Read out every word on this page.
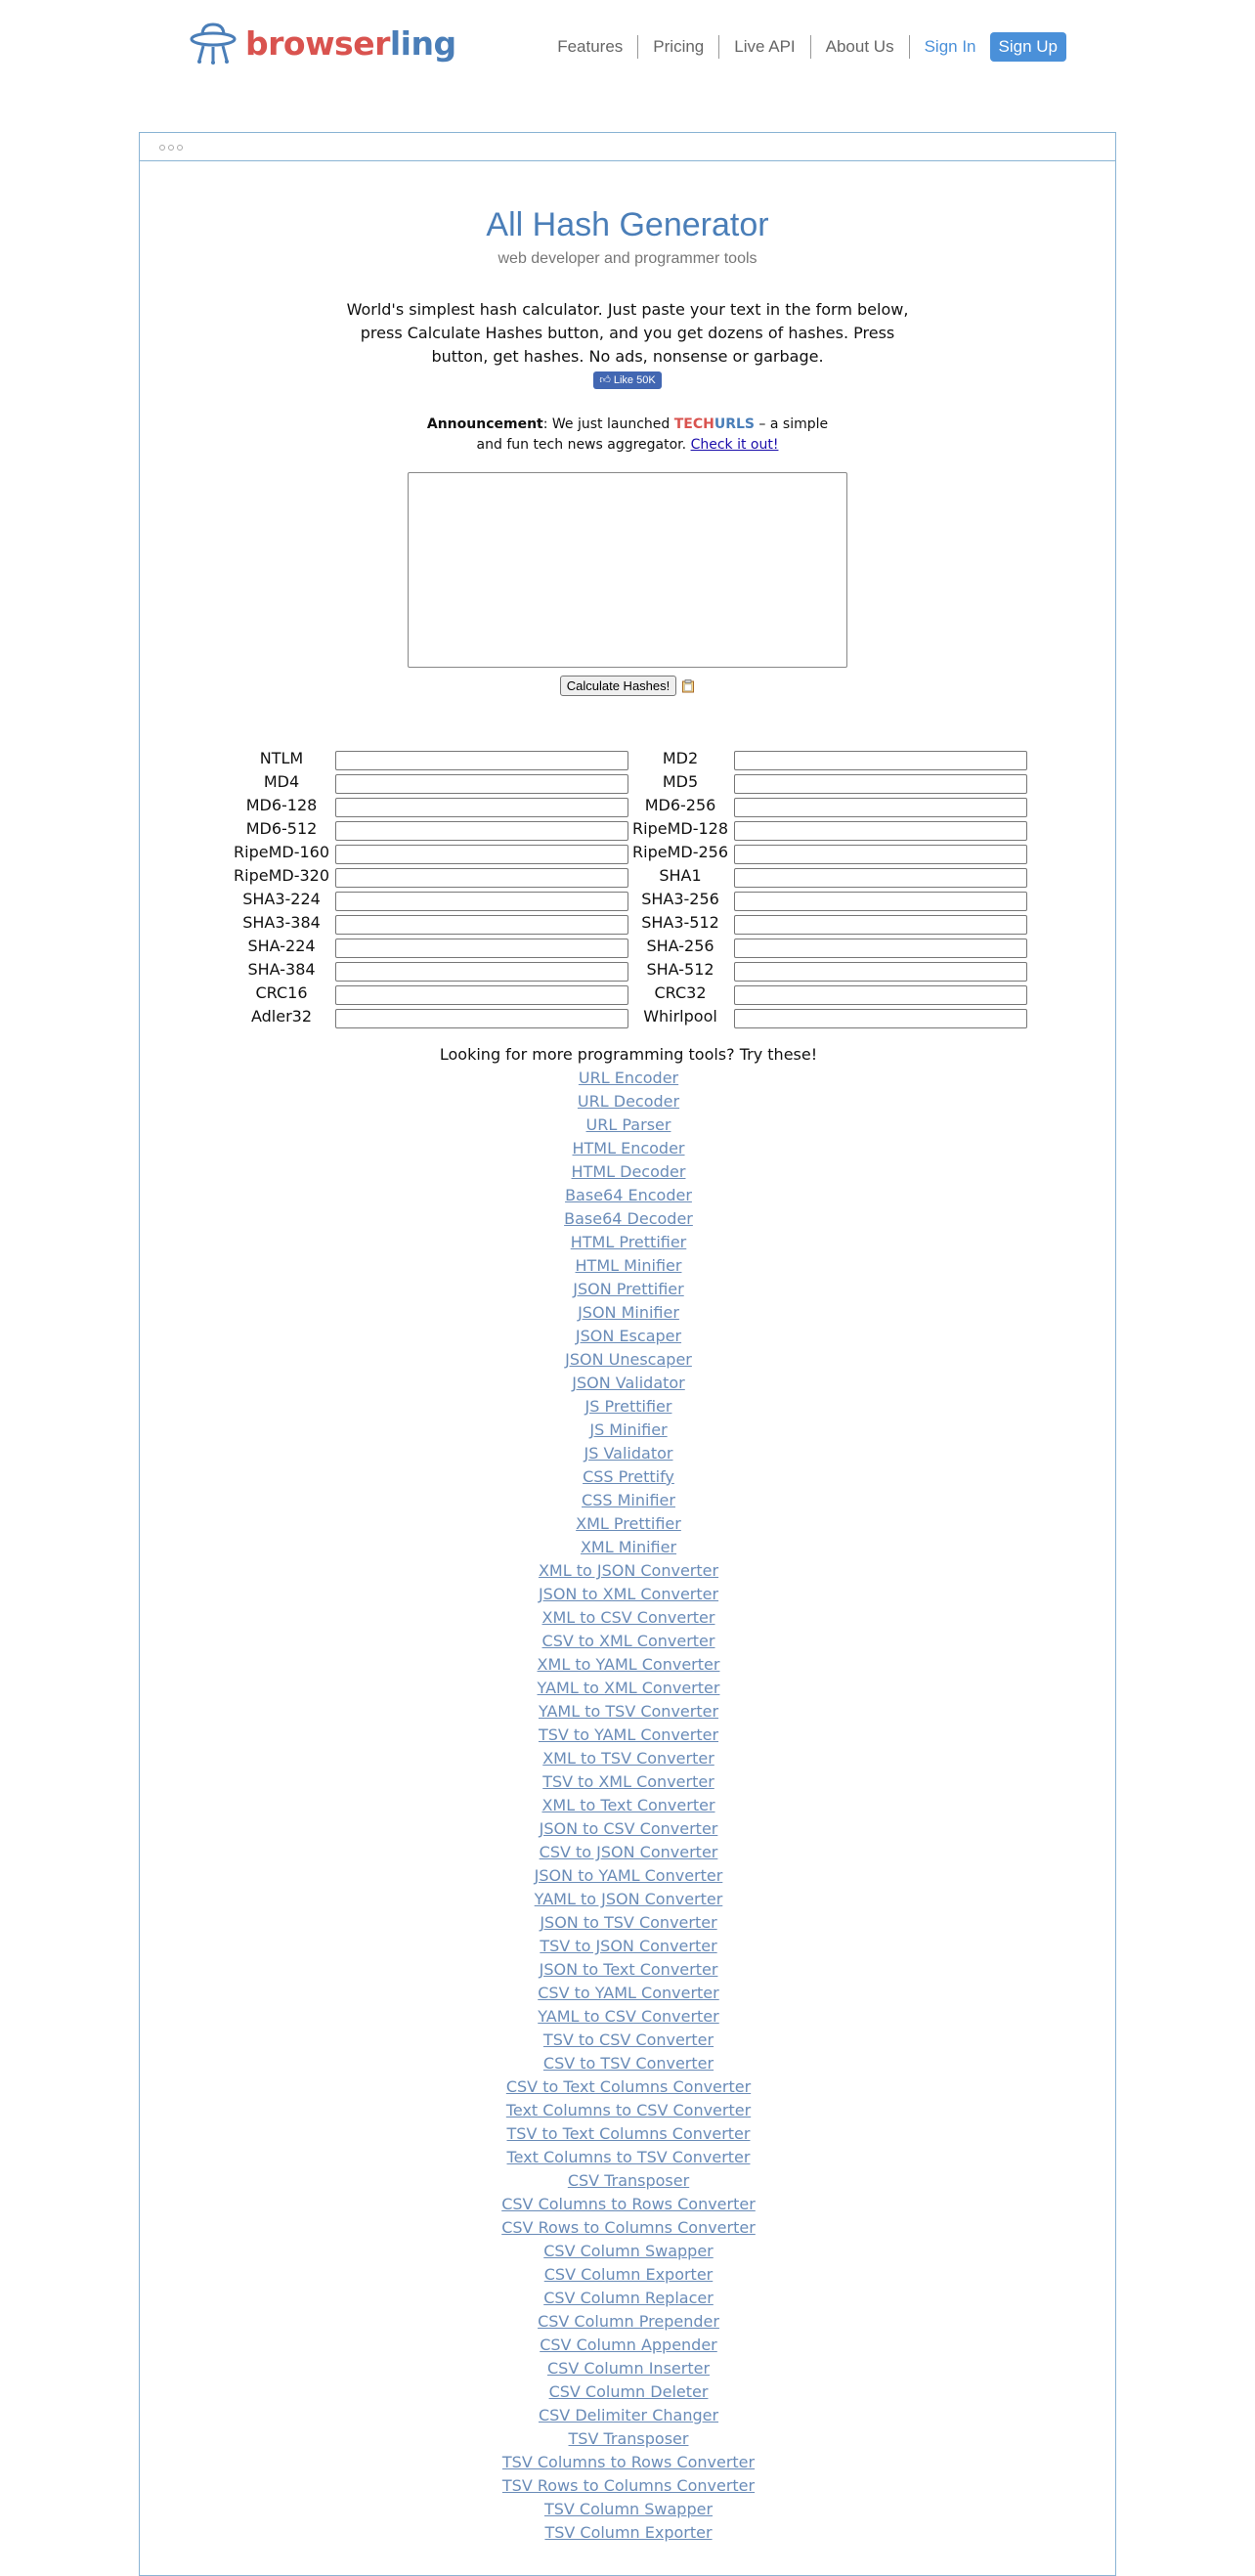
browserling	Features	Pricing	Live API	About Us	Sign In	Sign Up
All Hash Generator
web developer and programmer tools
World's simplest hash calculator. Just paste your text in the form below, press Calculate Hashes button, and you get dozens of hashes. Press button, get hashes. No ads, nonsense or garbage.
👍︎ Like 50K
Announcement: We just launched TECHURLS – a simple and fun tech news aggregator. Check it out!
Calculate Hashes!
NTLM	MD2
MD4	MD5
MD6-128	MD6-256
MD6-512	RipeMD-128
RipeMD-160	RipeMD-256
RipeMD-320	SHA1
SHA3-224	SHA3-256
SHA3-384	SHA3-512
SHA-224	SHA-256
SHA-384	SHA-512
CRC16	CRC32
Adler32	Whirlpool
Looking for more programming tools? Try these!
URL Encoder
URL Decoder
URL Parser
HTML Encoder
HTML Decoder
Base64 Encoder
Base64 Decoder
HTML Prettifier
HTML Minifier
JSON Prettifier
JSON Minifier
JSON Escaper
JSON Unescaper
JSON Validator
JS Prettifier
JS Minifier
JS Validator
CSS Prettify
CSS Minifier
XML Prettifier
XML Minifier
XML to JSON Converter
JSON to XML Converter
XML to CSV Converter
CSV to XML Converter
XML to YAML Converter
YAML to XML Converter
YAML to TSV Converter
TSV to YAML Converter
XML to TSV Converter
TSV to XML Converter
XML to Text Converter
JSON to CSV Converter
CSV to JSON Converter
JSON to YAML Converter
YAML to JSON Converter
JSON to TSV Converter
TSV to JSON Converter
JSON to Text Converter
CSV to YAML Converter
YAML to CSV Converter
TSV to CSV Converter
CSV to TSV Converter
CSV to Text Columns Converter
Text Columns to CSV Converter
TSV to Text Columns Converter
Text Columns to TSV Converter
CSV Transposer
CSV Columns to Rows Converter
CSV Rows to Columns Converter
CSV Column Swapper
CSV Column Exporter
CSV Column Replacer
CSV Column Prepender
CSV Column Appender
CSV Column Inserter
CSV Column Deleter
CSV Delimiter Changer
TSV Transposer
TSV Columns to Rows Converter
TSV Rows to Columns Converter
TSV Column Swapper
TSV Column Exporter
